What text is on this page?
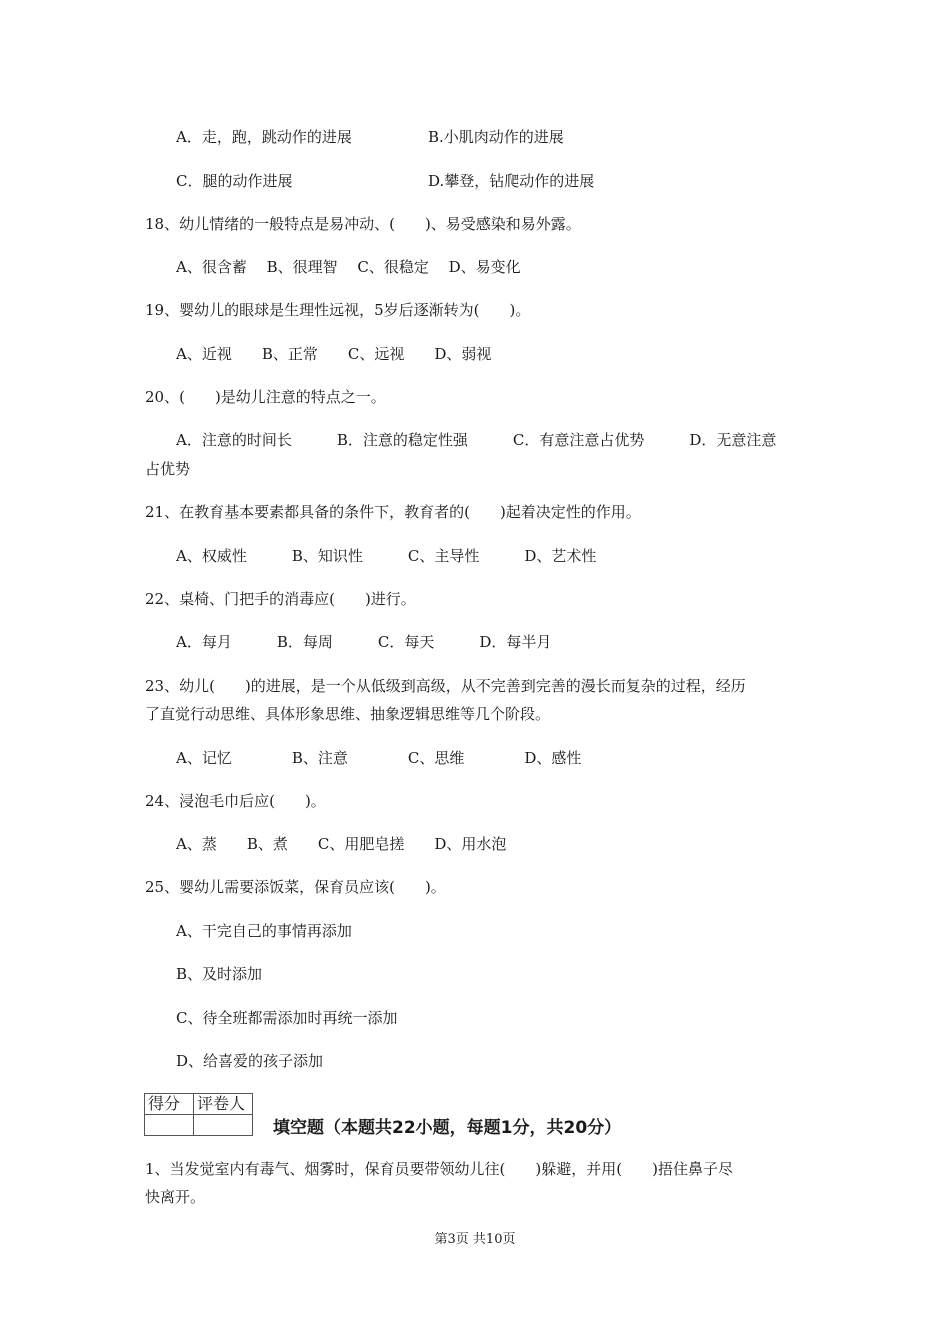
A．走，跑，跳动作的进展	B.小肌肉动作的进展
C．腿的动作进展	D.攀登，钻爬动作的进展
18、幼儿情绪的一般特点是易冲动、(　　)、易受感染和易外露。
A、很含蓄　 B、很理智　 C、很稳定　 D、易变化
19、婴幼儿的眼球是生理性远视，5岁后逐渐转为(　　)。
A、近视　　B、正常　　C、远视　　D、弱视
20、(　　)是幼儿注意的特点之一。
A．注意的时间长　　　B．注意的稳定性强　　　C．有意注意占优势　　　D．无意注意
占优势
21、在教育基本要素都具备的条件下，教育者的(　　)起着决定性的作用。
A、权威性　　　B、知识性　　　C、主导性　　　D、艺术性
22、桌椅、门把手的消毒应(　　)进行。
A．每月　　　B．每周　　　C．每天　　　D．每半月
23、幼儿(　　)的进展，是一个从低级到高级，从不完善到完善的漫长而复杂的过程，经历
了直觉行动思维、具体形象思维、抽象逻辑思维等几个阶段。
A、记忆　　　　B、注意　　　　C、思维　　　　D、感性
24、浸泡毛巾后应(　　)。
A、蒸　　B、煮　　C、用肥皂搓　　D、用水泡
25、婴幼儿需要添饭菜，保育员应该(　　)。
A、干完自己的事情再添加
B、及时添加
C、待全班都需添加时再统一添加
D、给喜爱的孩子添加
得分	评卷人

填空题（本题共22小题，每题1分，共20分）
1、当发觉室内有毒气、烟雾时，保育员要带领幼儿往(　　)躲避，并用(　　)捂住鼻子尽
快离开。
第3页 共10页
